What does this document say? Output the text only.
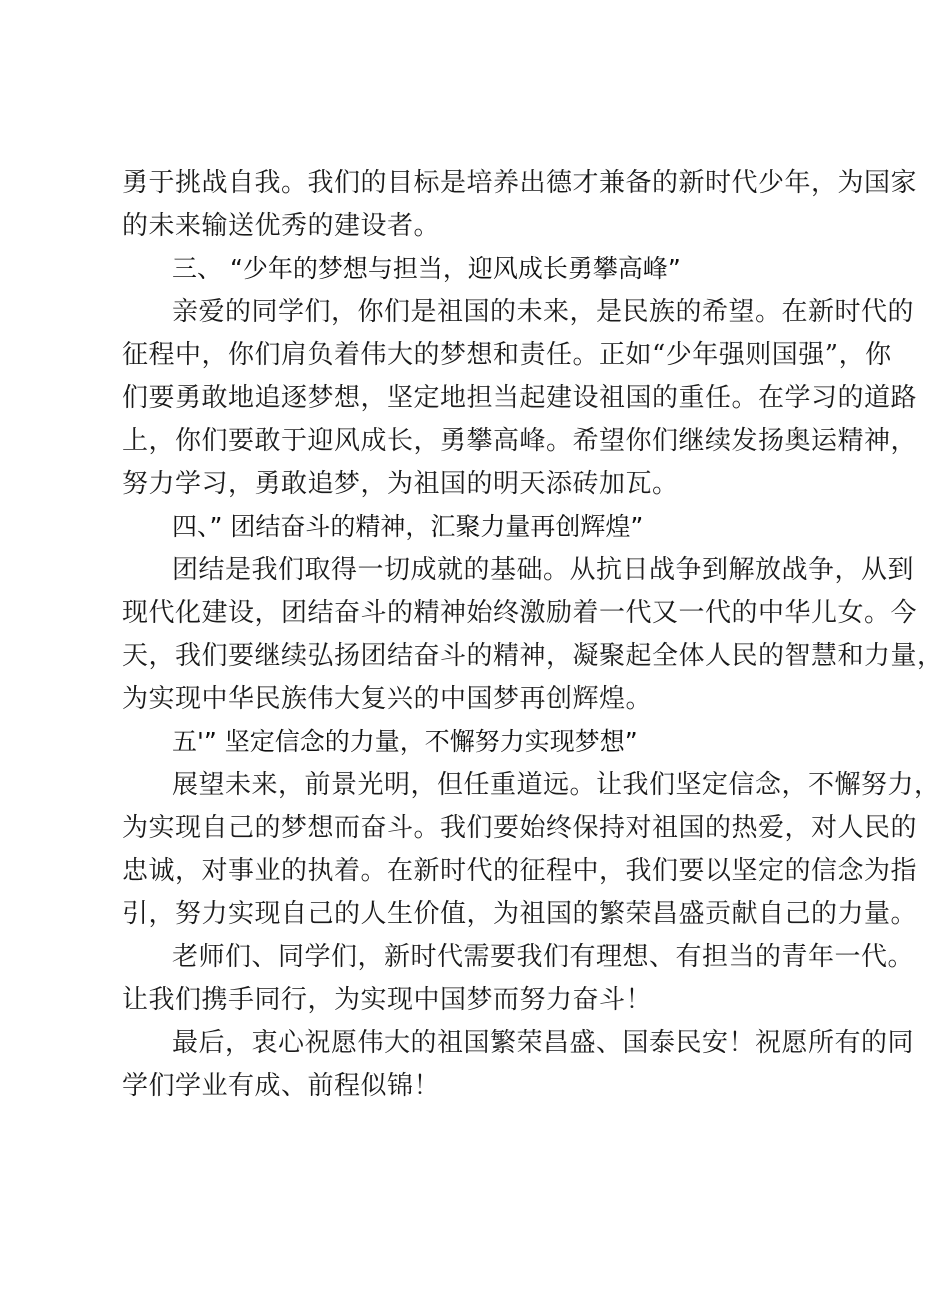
勇于挑战自我。我们的目标是培养出德才兼备的新时代少年，为国家
的未来输送优秀的建设者。
三、 “少年的梦想与担当，迎风成长勇攀高峰”
亲爱的同学们，你们是祖国的未来，是民族的希望。在新时代的
征程中，你们肩负着伟大的梦想和责任。正如“少年强则国强”，你
们要勇敢地追逐梦想，坚定地担当起建设祖国的重任。在学习的道路
上，你们要敢于迎风成长，勇攀高峰。希望你们继续发扬奥运精神，
努力学习，勇敢追梦，为祖国的明天添砖加瓦。
四、” 团结奋斗的精神，汇聚力量再创辉煌”
团结是我们取得一切成就的基础。从抗日战争到解放战争，从到
现代化建设，团结奋斗的精神始终激励着一代又一代的中华儿女。今
天，我们要继续弘扬团结奋斗的精神，凝聚起全体人民的智慧和力量，
为实现中华民族伟大复兴的中国梦再创辉煌。
五'” 坚定信念的力量，不懈努力实现梦想”
展望未来，前景光明，但任重道远。让我们坚定信念，不懈努力，
为实现自己的梦想而奋斗。我们要始终保持对祖国的热爱，对人民的
忠诚，对事业的执着。在新时代的征程中，我们要以坚定的信念为指
引，努力实现自己的人生价值，为祖国的繁荣昌盛贡献自己的力量。
老师们、同学们，新时代需要我们有理想、有担当的青年一代。
让我们携手同行，为实现中国梦而努力奋斗！
最后，衷心祝愿伟大的祖国繁荣昌盛、国泰民安！祝愿所有的同
学们学业有成、前程似锦！
